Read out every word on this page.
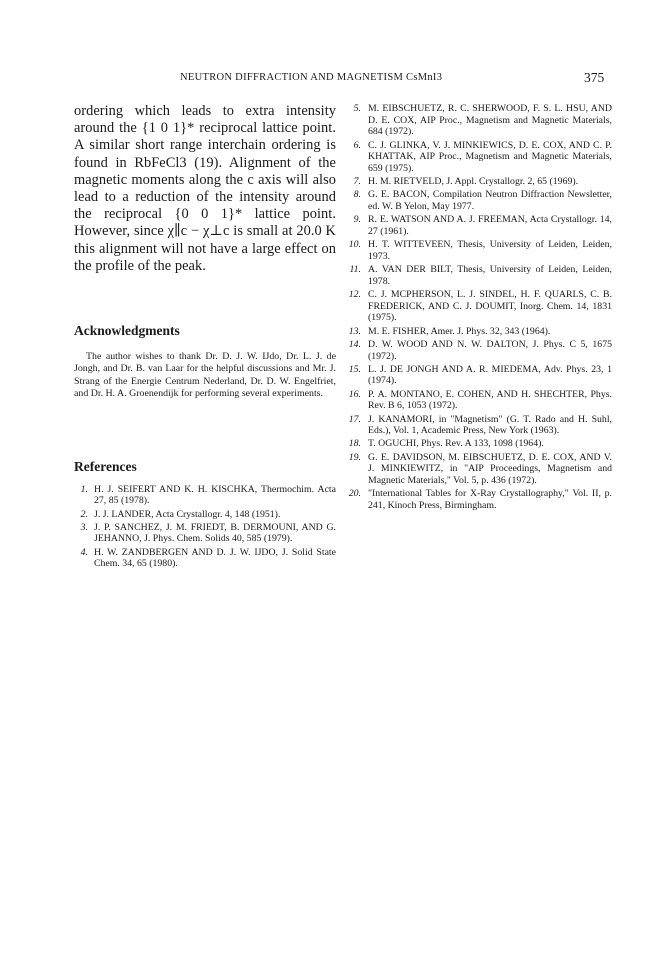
NEUTRON DIFFRACTION AND MAGNETISM CsMnI3	375

ordering which leads to extra intensity around the {1 0 1}* reciprocal lattice point. A similar short range interchain ordering is found in RbFeCl3 (19). Alignment of the magnetic moments along the c axis will also lead to a reduction of the intensity around the reciprocal {0 0 1}* lattice point. However, since χ∥c − χ⊥c is small at 20.0 K this alignment will not have a large effect on the profile of the peak.

Acknowledgments

The author wishes to thank Dr. D. J. W. IJdo, Dr. L. J. de Jongh, and Dr. B. van Laar for the helpful discussions and Mr. J. Strang of the Energie Centrum Nederland, Dr. D. W. Engelfriet, and Dr. H. A. Groenendijk for performing several experiments.

References
1. H. J. SEIFERT AND K. H. KISCHKA, Thermochim. Acta 27, 85 (1978).
2. J. J. LANDER, Acta Crystallogr. 4, 148 (1951).
3. J. P. SANCHEZ, J. M. FRIEDT, B. DERMOUNI, AND G. JEHANNO, J. Phys. Chem. Solids 40, 585 (1979).
4. H. W. ZANDBERGEN AND D. J. W. IJDO, J. Solid State Chem. 34, 65 (1980).
5. M. EIBSCHUETZ, R. C. SHERWOOD, F. S. L. HSU, AND D. E. COX, AIP Proc., Magnetism and Magnetic Materials, 684 (1972).
6. C. J. GLINKA, V. J. MINKIEWICS, D. E. COX, AND C. P. KHATTAK, AIP Proc., Magnetism and Magnetic Materials, 659 (1975).
7. H. M. RIETVELD, J. Appl. Crystallogr. 2, 65 (1969).
8. G. E. BACON, Compilation Neutron Diffraction Newsletter, ed. W. B Yelon, May 1977.
9. R. E. WATSON AND A. J. FREEMAN, Acta Crystallogr. 14, 27 (1961).
10. H. T. WITTEVEEN, Thesis, University of Leiden, Leiden, 1973.
11. A. VAN DER BILT, Thesis, University of Leiden, Leiden, 1978.
12. C. J. MCPHERSON, L. J. SINDEL, H. F. QUARLS, C. B. FREDERICK, AND C. J. DOUMIT, Inorg. Chem. 14, 1831 (1975).
13. M. E. FISHER, Amer. J. Phys. 32, 343 (1964).
14. D. W. WOOD AND N. W. DALTON, J. Phys. C 5, 1675 (1972).
15. L. J. DE JONGH AND A. R. MIEDEMA, Adv. Phys. 23, 1 (1974).
16. P. A. MONTANO, E. COHEN, AND H. SHECHTER, Phys. Rev. B 6, 1053 (1972).
17. J. KANAMORI, in "Magnetism" (G. T. Rado and H. Suhl, Eds.), Vol. 1, Academic Press, New York (1963).
18. T. OGUCHI, Phys. Rev. A 133, 1098 (1964).
19. G. E. DAVIDSON, M. EIBSCHUETZ, D. E. COX, AND V. J. MINKIEWITZ, in "AIP Proceedings, Magnetism and Magnetic Materials," Vol. 5, p. 436 (1972).
20. "International Tables for X-Ray Crystallography," Vol. II, p. 241, Kinoch Press, Birmingham.
